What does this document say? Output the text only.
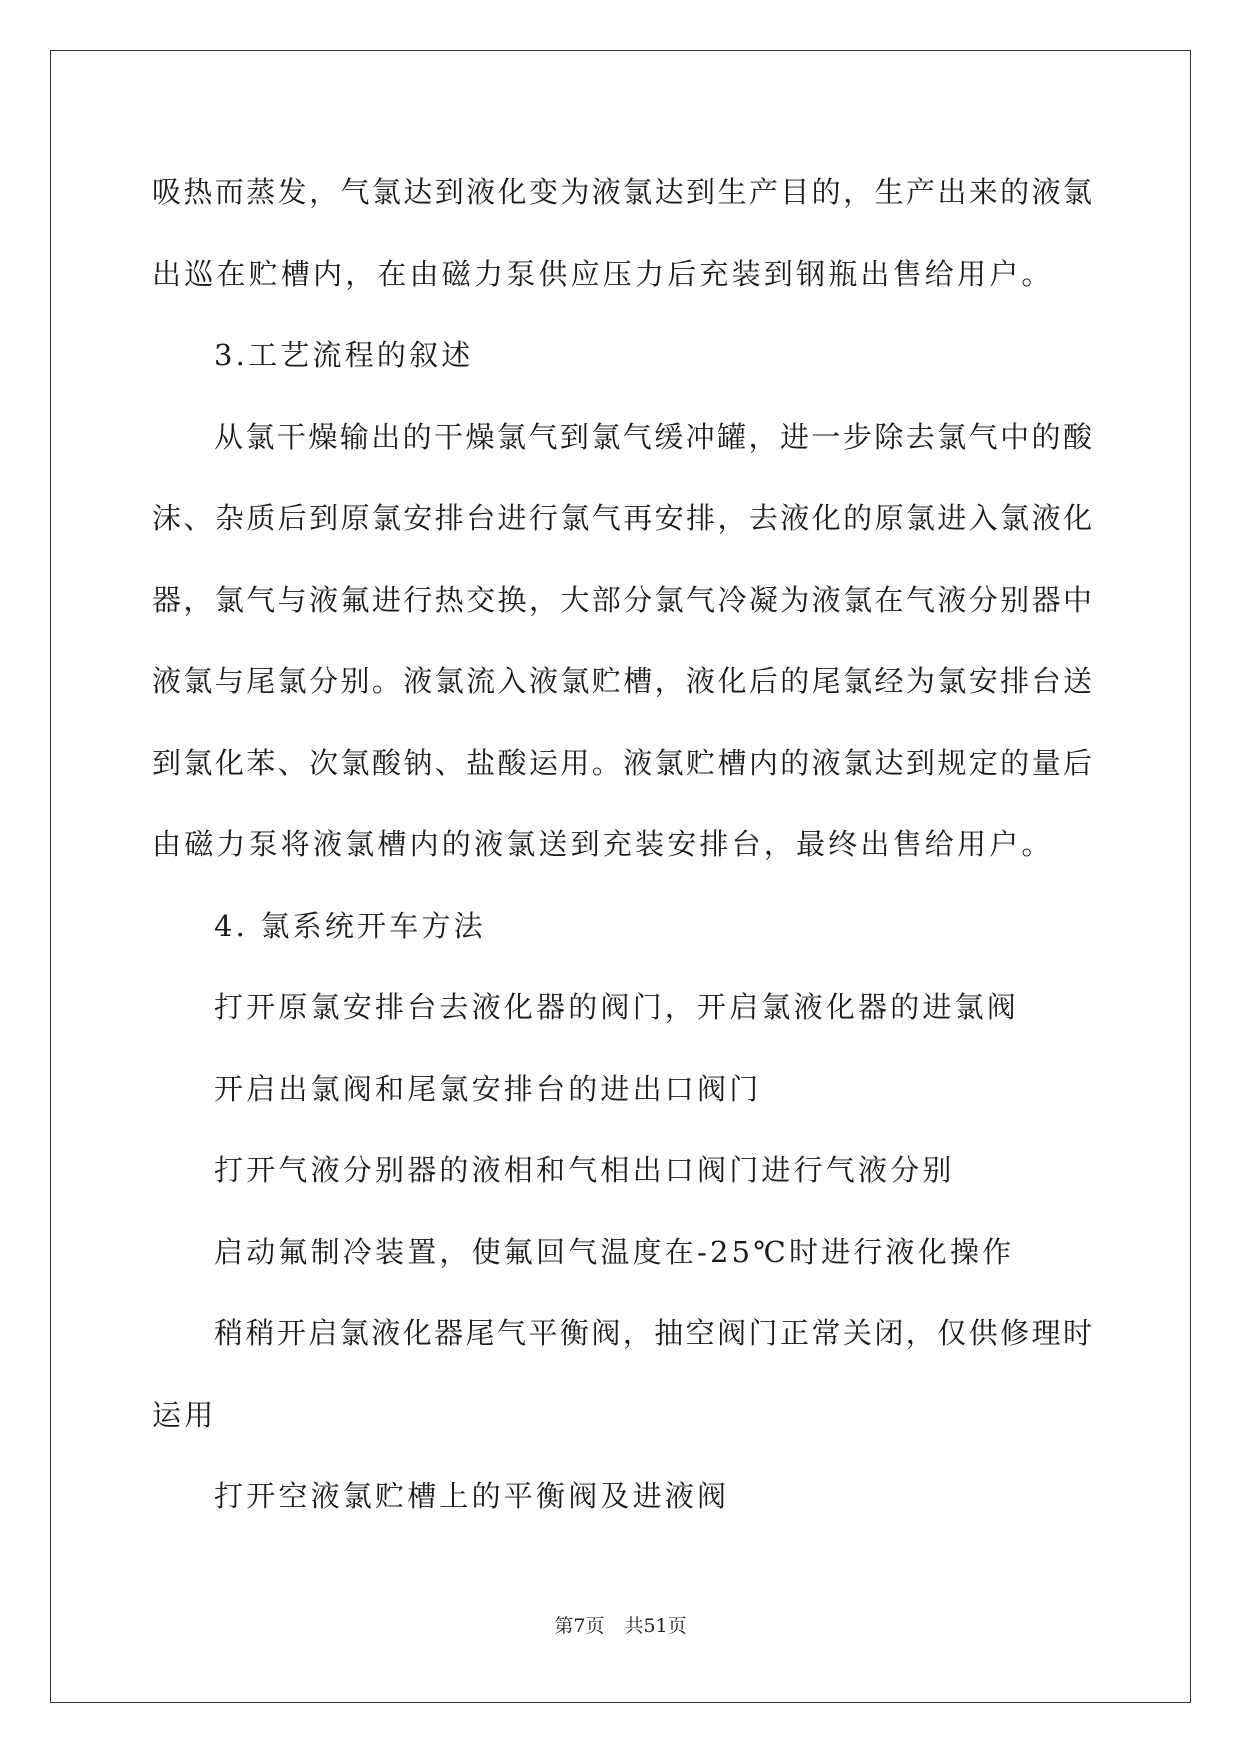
吸热而蒸发，气氯达到液化变为液氯达到生产目的，生产出来的液氯
出巡在贮槽内，在由磁力泵供应压力后充装到钢瓶出售给用户。
3.工艺流程的叙述
从氯干燥输出的干燥氯气到氯气缓冲罐，进一步除去氯气中的酸
沫、杂质后到原氯安排台进行氯气再安排，去液化的原氯进入氯液化
器，氯气与液氟进行热交换，大部分氯气冷凝为液氯在气液分别器中
液氯与尾氯分别。液氯流入液氯贮槽，液化后的尾氯经为氯安排台送
到氯化苯、次氯酸钠、盐酸运用。液氯贮槽内的液氯达到规定的量后
由磁力泵将液氯槽内的液氯送到充装安排台，最终出售给用户。
4. 氯系统开车方法
打开原氯安排台去液化器的阀门，开启氯液化器的进氯阀
开启出氯阀和尾氯安排台的进出口阀门
打开气液分别器的液相和气相出口阀门进行气液分别
启动氟制冷装置，使氟回气温度在-25℃时进行液化操作
稍稍开启氯液化器尾气平衡阀，抽空阀门正常关闭，仅供修理时
运用
打开空液氯贮槽上的平衡阀及进液阀
第7页 共51页
